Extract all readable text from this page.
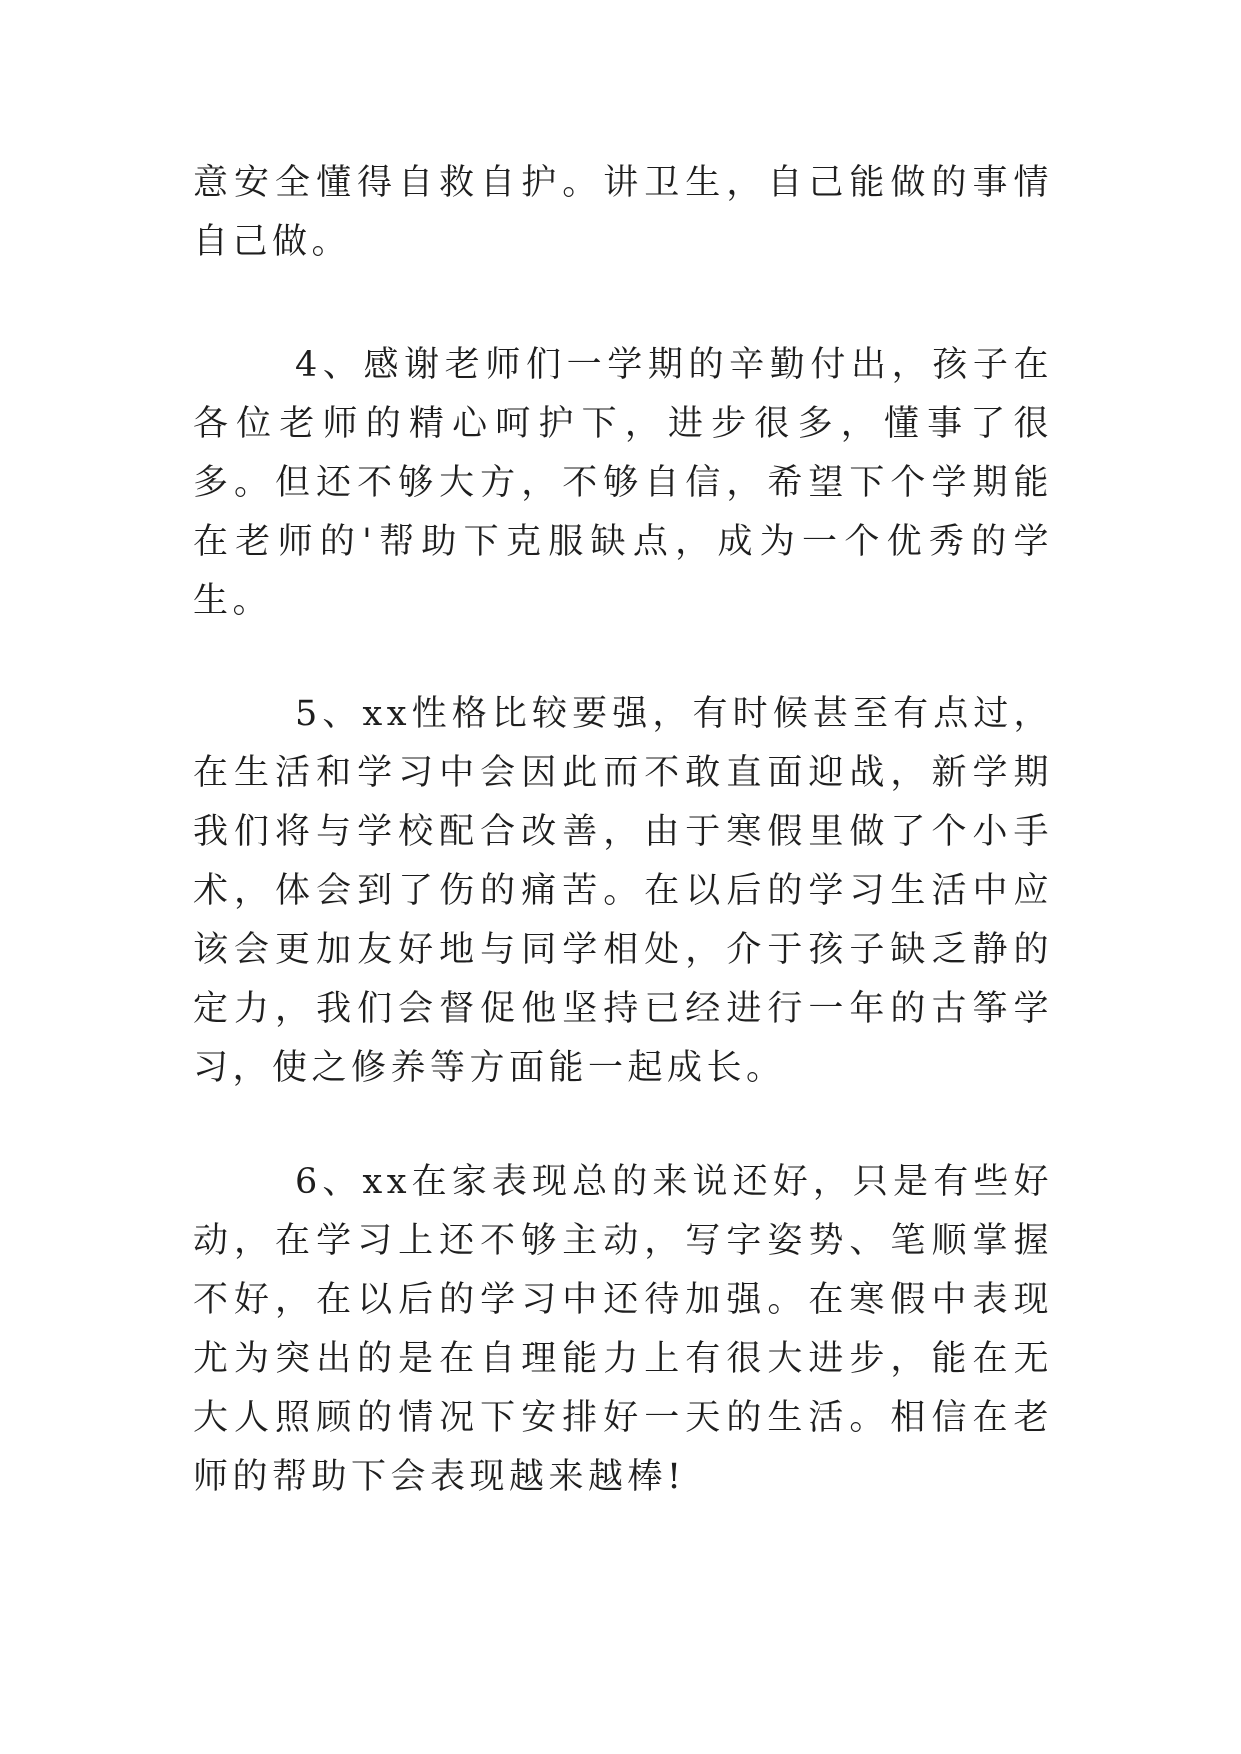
意安全懂得自救自护。讲卫生，自己能做的事情自己做。

4、感谢老师们一学期的辛勤付出，孩子在各位老师的精心呵护下，进步很多，懂事了很多。但还不够大方，不够自信，希望下个学期能在老师的'帮助下克服缺点，成为一个优秀的学生。

5、xx性格比较要强，有时候甚至有点过，在生活和学习中会因此而不敢直面迎战，新学期我们将与学校配合改善，由于寒假里做了个小手术，体会到了伤的痛苦。在以后的学习生活中应该会更加友好地与同学相处，介于孩子缺乏静的定力，我们会督促他坚持已经进行一年的古筝学习，使之修养等方面能一起成长。

6、xx在家表现总的来说还好，只是有些好动，在学习上还不够主动，写字姿势、笔顺掌握不好，在以后的学习中还待加强。在寒假中表现尤为突出的是在自理能力上有很大进步，能在无大人照顾的情况下安排好一天的生活。相信在老师的帮助下会表现越来越棒!
